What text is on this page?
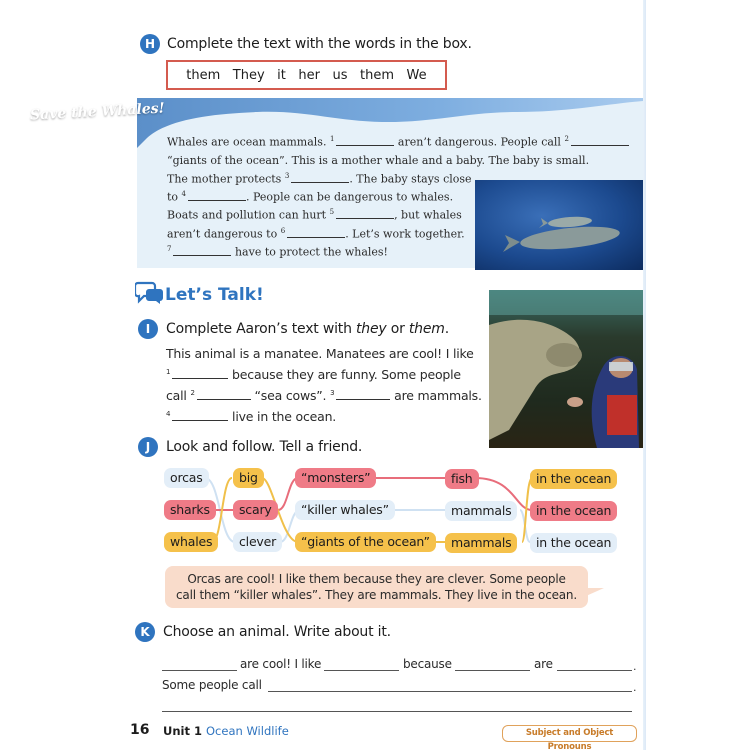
H Complete the text with the words in the box.
them They it her us them We
Save the Whales!
Whales are ocean mammals. $^1$	aren’t dangerous. People call $^2$
“giants of the ocean”. This is a mother whale and a baby. The baby is small.
The mother protects $^3$	. The baby stays close
to $^4$	. People can be dangerous to whales.
Boats and pollution can hurt $^5$	, but whales
aren’t dangerous to $^6$	. Let’s work together.
$^7$	have to protect the whales!
Let’s Talk!
I	Complete Aaron’s text with they or them.
This animal is a manatee. Manatees are cool! I like
$^1$	because they are funny. Some people
call $^2$	“sea cows”. $^3$	are mammals.
$^4$	live in the ocean.
J	Look and follow. Tell a friend.
orcas
sharks
whales
big
scary
clever
“monsters”
“killer whales”
“giants of the ocean”
fish
mammals
mammals
in the ocean
in the ocean
in the ocean
Orcas are cool! I like them because they are clever. Some people
call them “killer whales”. They are mammals. They live in the ocean.
K Choose an animal. Write about it.
are cool! I like	because	are	.
Some people call	.
16 Unit 1 Ocean Wildlife	Subject and Object Pronouns
